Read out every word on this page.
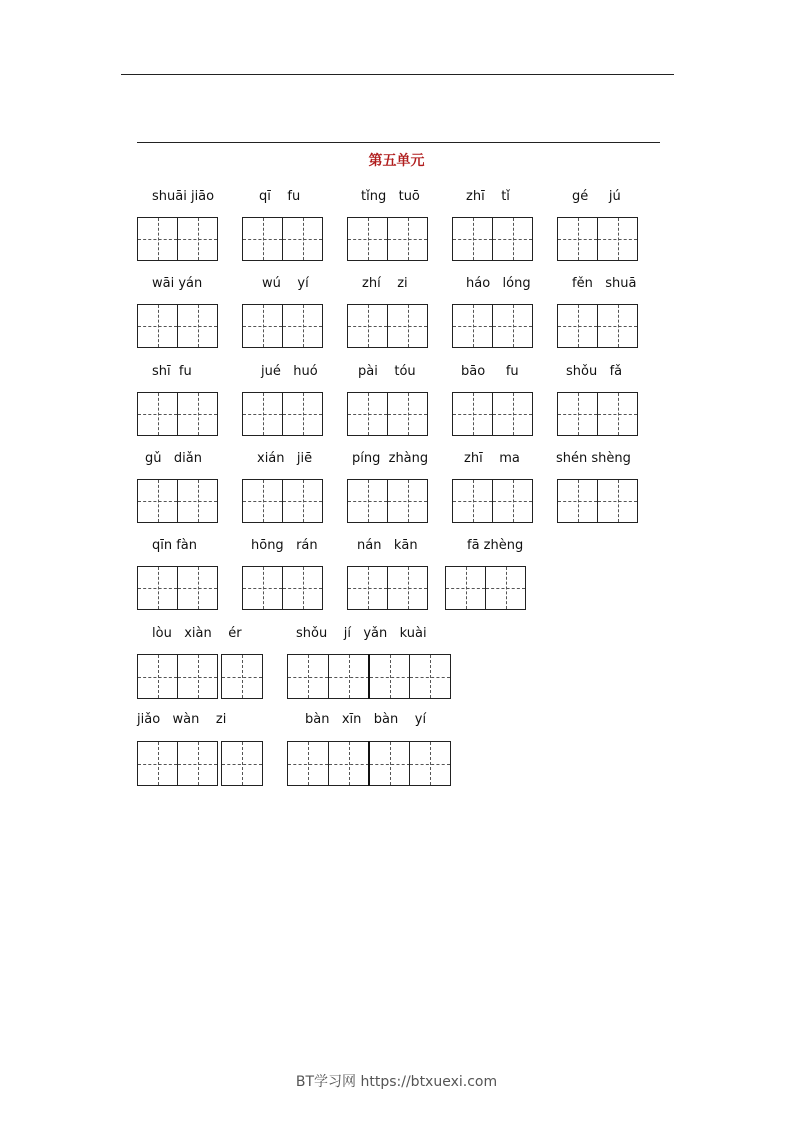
第五单元
shuāi jiāo	qī    fu	tǐng   tuō	zhī    tǐ	gé     jú
wāi yán	wú    yí	zhí    zi	háo   lóng	fěn   shuā
shī  fu	jué   huó	pài    tóu	bāo     fu	shǒu   fǎ
gǔ   diǎn	xián   jiē	píng  zhàng	zhī    ma	shén shèng
qīn fàn	hōng   rán	nán   kān	fā zhèng
lòu   xiàn    ér	shǒu    jí   yǎn   kuài
jiǎo   wàn    zi	bàn   xīn   bàn    yí
BT学习网 https://btxuexi.com
